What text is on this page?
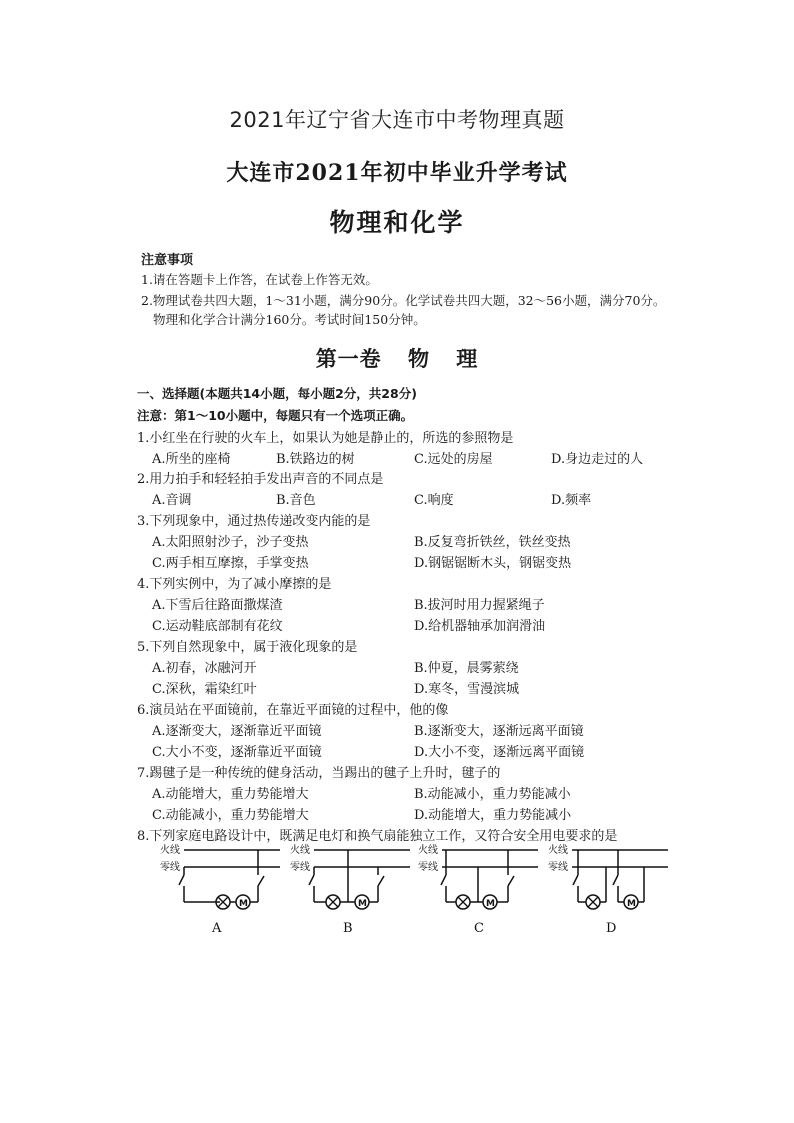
2021年辽宁省大连市中考物理真题
大连市2021年初中毕业升学考试
物理和化学
注意事项
1.请在答题卡上作答，在试卷上作答无效。
2.物理试卷共四大题，1～31小题，满分90分。化学试卷共四大题，32～56小题，满分70分。
物理和化学合计满分160分。考试时间150分钟。
第一卷 物 理
一、选择题(本题共14小题，每小题2分，共28分)
注意：第1～10小题中，每题只有一个选项正确。
1.小红坐在行驶的火车上，如果认为她是静止的，所选的参照物是
A.所坐的座椅	B.铁路边的树	C.远处的房屋	D.身边走过的人
2.用力拍手和轻轻拍手发出声音的不同点是
A.音调	B.音色	C.响度	D.频率
3.下列现象中，通过热传递改变内能的是
A.太阳照射沙子，沙子变热	B.反复弯折铁丝，铁丝变热
C.两手相互摩擦，手掌变热	D.钢锯锯断木头，钢锯变热
4.下列实例中，为了减小摩擦的是
A.下雪后往路面撒煤渣	B.拔河时用力握紧绳子
C.运动鞋底部制有花纹	D.给机器轴承加润滑油
5.下列自然现象中，属于液化现象的是
A.初春，冰融河开	B.仲夏，晨雾萦绕
C.深秋，霜染红叶	D.寒冬，雪漫滨城
6.演员站在平面镜前，在靠近平面镜的过程中，他的像
A.逐渐变大，逐渐靠近平面镜	B.逐渐变大，逐渐远离平面镜
C.大小不变，逐渐靠近平面镜	D.大小不变，逐渐远离平面镜
7.踢毽子是一种传统的健身活动，当踢出的毽子上升时，毽子的
A.动能增大，重力势能增大	B.动能减小，重力势能减小
C.动能减小，重力势能增大	D.动能增大，重力势能减小
8.下列家庭电路设计中，既满足电灯和换气扇能独立工作，又符合安全用电要求的是
火线
零线
M
A
火线
零线
M
B
火线
零线
M
C
火线
零线
M
D
